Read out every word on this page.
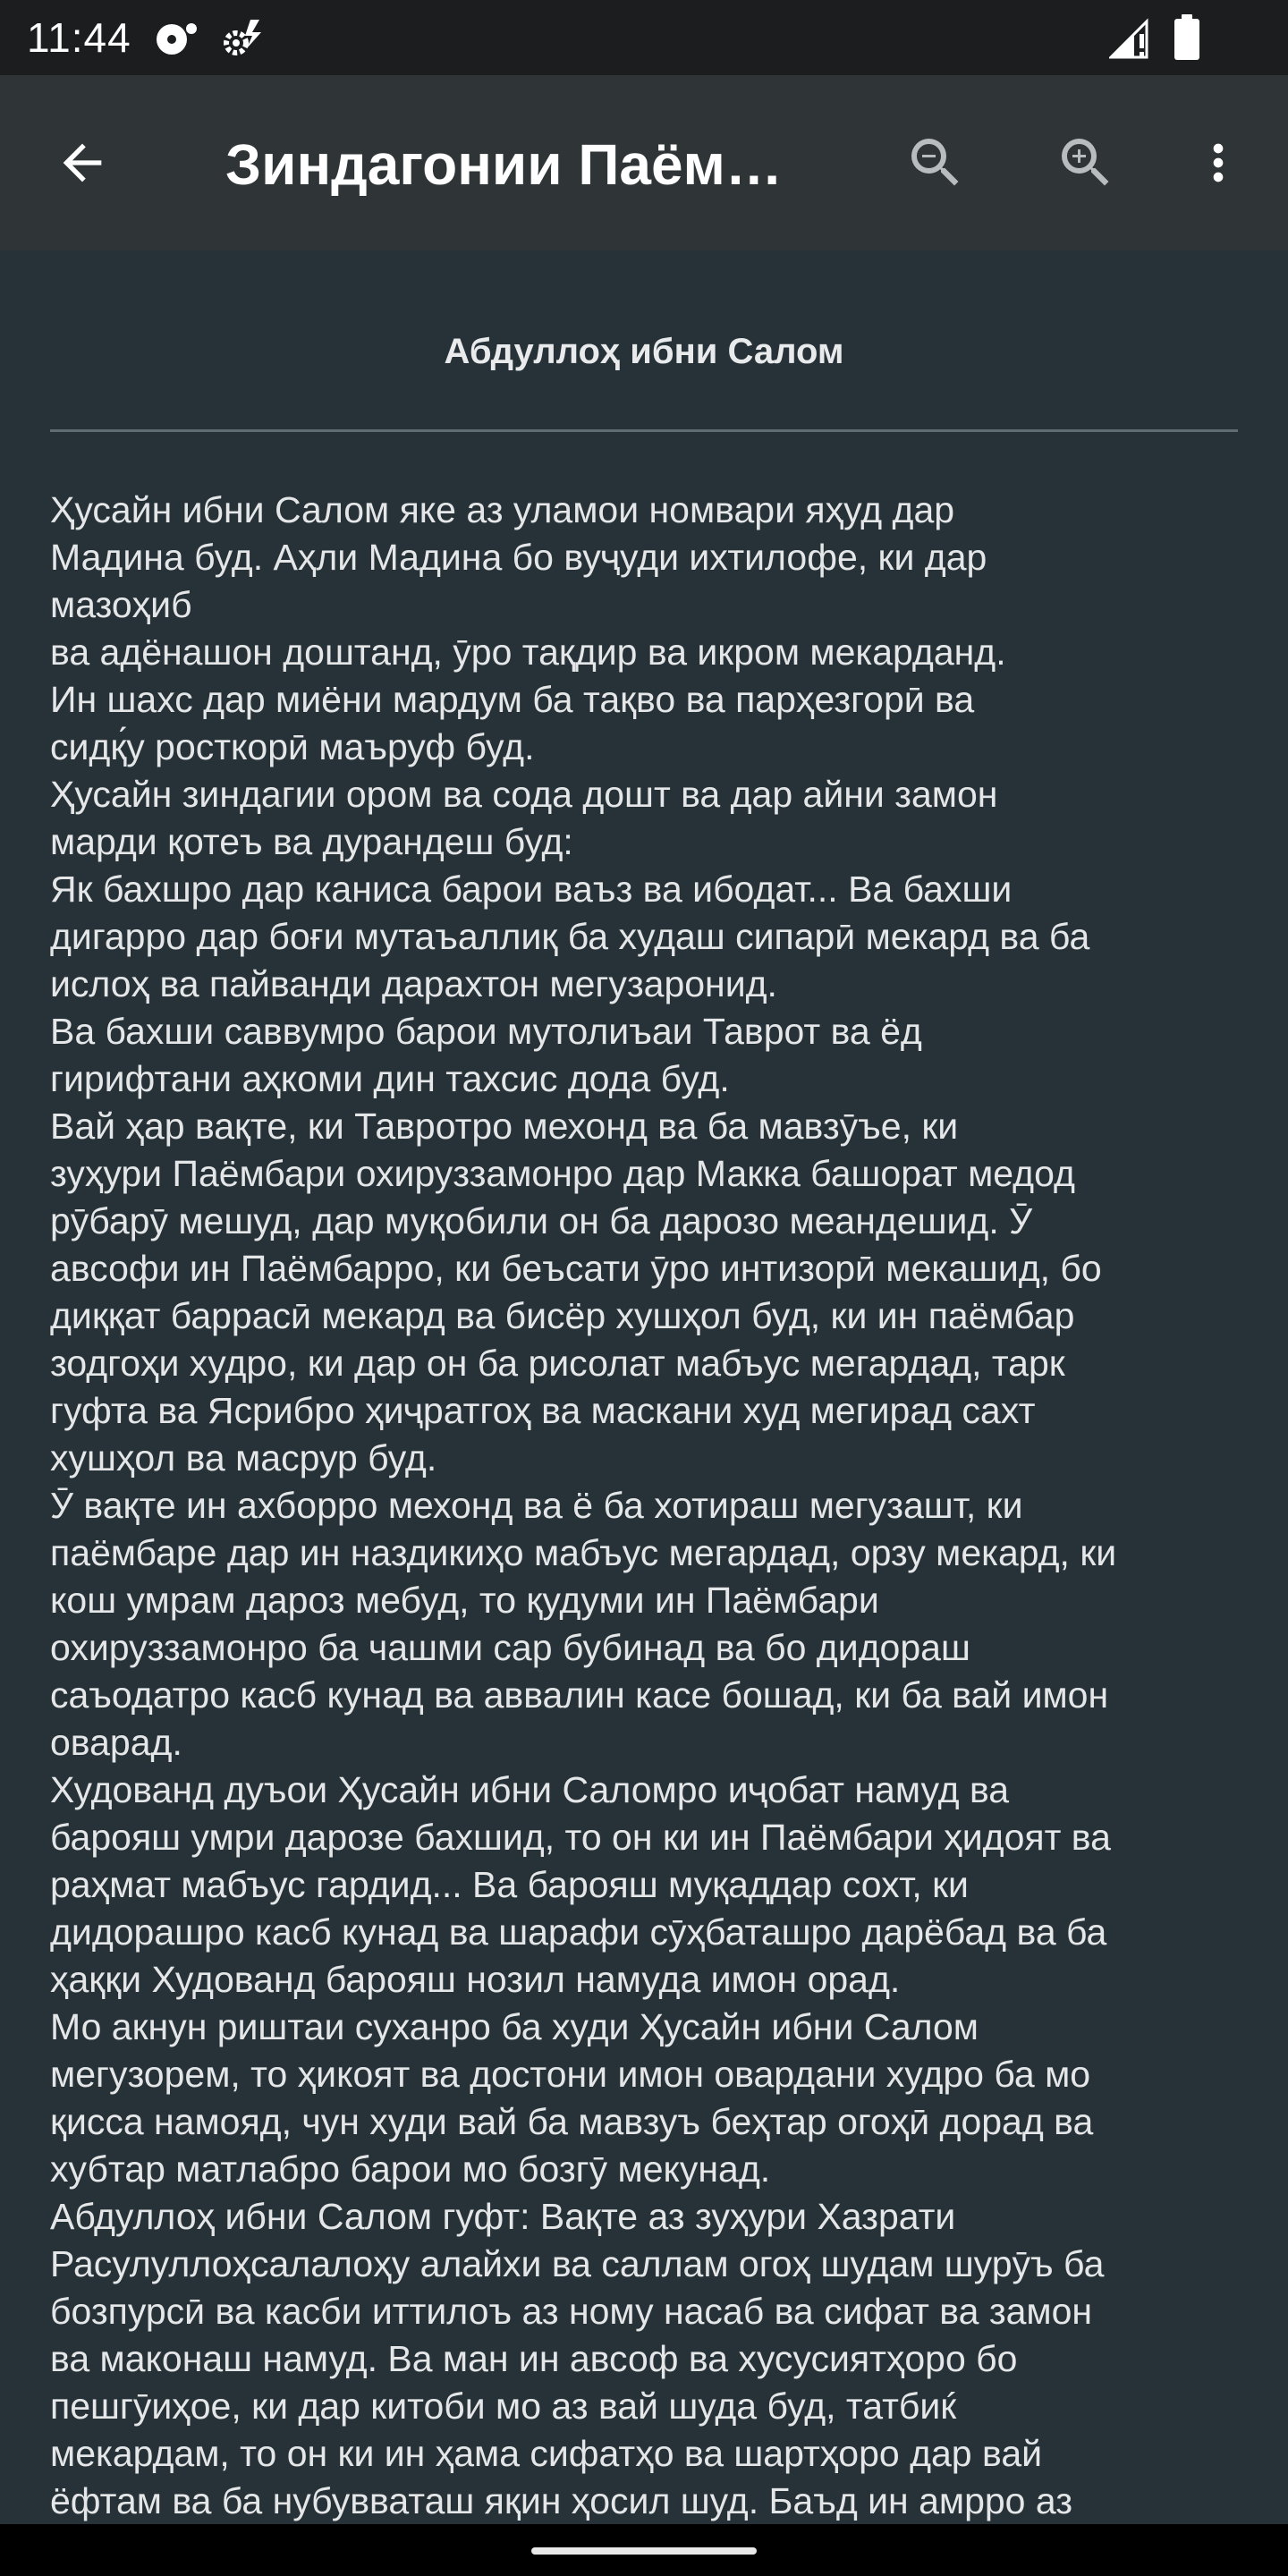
11:44
Зиндагонии Паём…
Абдуллоҳ ибни Салом

Ҳусайн ибни Салом яке аз уламои номвари яҳуд дар
Мадина буд. Аҳли Мадина бо вуҷуди ихтилофе, ки дар
мазоҳиб
ва адёнашон доштанд, ӯро тақдир ва икром мекарданд.

Ин шахс дар миёни мардум ба тақво ва парҳезгорӣ ва
сидқ́у росткорӣ маъруф буд.

Ҳусайн зиндагии ором ва сода дошт ва дар айни замон
марди қотеъ ва дурандеш буд:

Як бахшро дар каниса барои ваъз ва ибодат... Ва бахши
дигарро дар боғи мутаъаллиқ ба худаш сипарӣ мекард ва ба
ислоҳ ва пайванди дарахтон мегузаронид.

Ва бахши саввумро барои мутолиъаи Таврот ва ёд
гирифтани аҳкоми дин тахсис дода буд.

Вай ҳар вақте, ки Тавротро мехонд ва ба мавзӯъе, ки
зуҳури Паёмбари охируззамонро дар Макка башорат медод
рӯбарӯ мешуд, дар муқобили он ба дарозо меандешид. Ӯ
авсофи ин Паёмбарро, ки беъсати ӯро интизорӣ мекашид, бо
диққат баррасӣ мекард ва бисёр хушҳол буд, ки ин паёмбар
зодгоҳи худро, ки дар он ба рисолат мабъус мегардад, тарк
гуфта ва Ясрибро ҳиҷратгоҳ ва маскани худ мегирад сахт
хушҳол ва масрур буд.

Ӯ вақте ин ахборро мехонд ва ё ба хотираш мегузашт, ки
паёмбаре дар ин наздикиҳо мабъус мегардад, орзу мекард, ки
кош умрам дароз мебуд, то қудуми ин Паёмбари
охируззамонро ба чашми сар бубинад ва бо дидораш
саъодатро касб кунад ва аввалин касе бошад, ки ба вай имон
oварад.

Худованд дуъои Ҳусайн ибни Саломро иҷобат намуд ва
барояш умри дарозе бахшид, то он ки ин Паёмбари ҳидоят ва
раҳмат мабъус гардид... Ва барояш муқаддар сохт, ки
дидорашро касб кунад ва шарафи сӯҳбаташро дарёбад ва ба
ҳаққи Худованд барояш нозил намуда имон орад.

Мо акнун риштаи суханро ба худи Ҳусайн ибни Салом
мегузорем, то ҳикоят ва достони имон овардани худро ба мо
қисса намояд, чун худи вай ба мавзуъ беҳтар огоҳӣ дорад ва
хубтар матлабро барои мо бозгӯ мекунад.

Абдуллоҳ ибни Салом гуфт: Вақте аз зуҳури Хазрати
Расулуллоҳсалалоҳу алайхи ва саллам огоҳ шудам шурӯъ ба
бозпурсӣ ва касби иттилоъ аз ному насаб ва сифат ва замон
ва маконаш намуд. Ва ман ин авсоф ва хусусиятҳоро бо
пешгӯиҳое, ки дар китоби мо аз вай шуда буд, татбиќ
мекардам, то он ки ин ҳама сифатҳо ва шартҳоро дар вай
ёфтам ва ба нубувваташ яқин ҳосил шуд. Баъд ин амрро аз
